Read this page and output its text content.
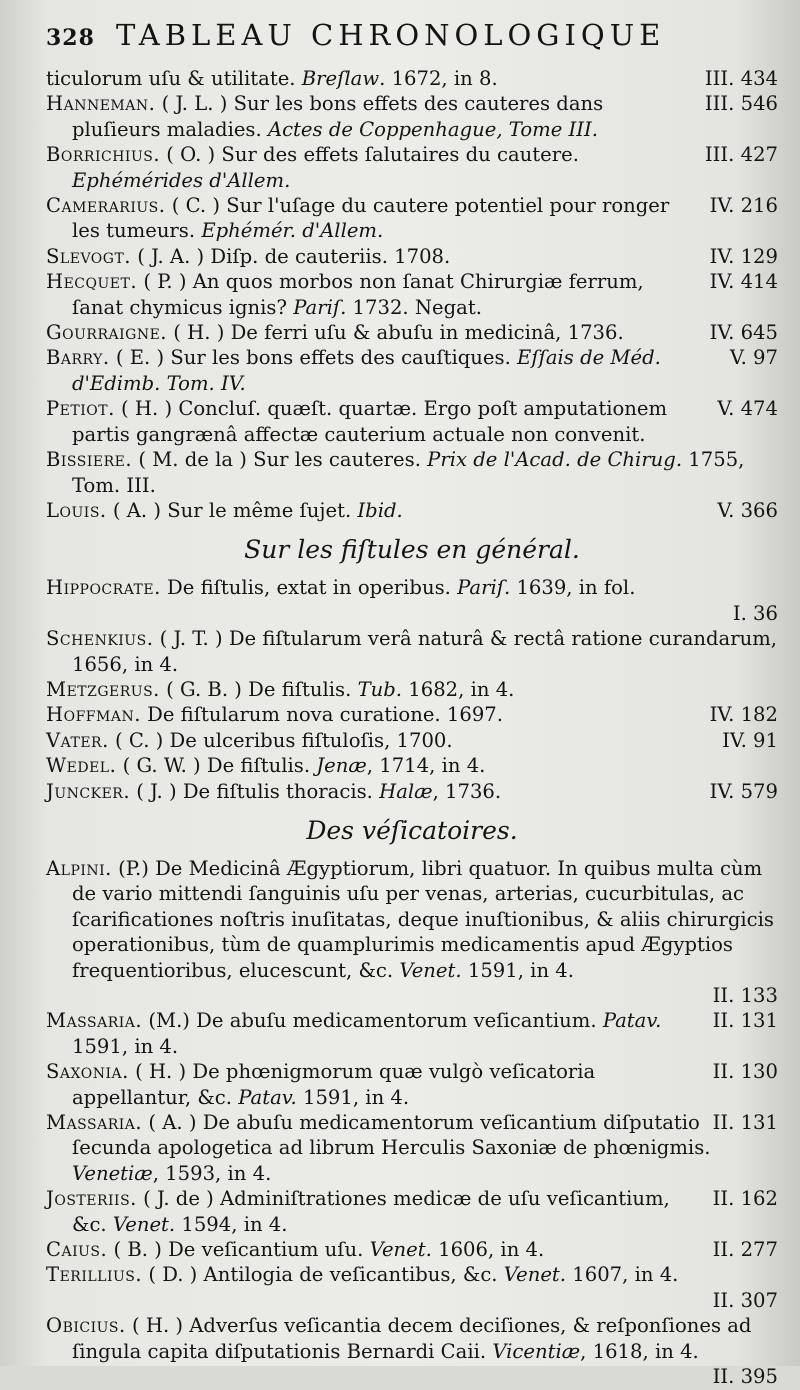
328 TABLEAU CHRONOLOGIQUE

III. 434
ticulorum uſu & utilitate. Breſlaw. 1672, in 8.

III. 546
Hanneman. ( J. L. ) Sur les bons effets des cauteres dans pluſieurs maladies. Actes de Coppenhague, Tome III.

III. 427
Borrichius. ( O. ) Sur des effets ſalutaires du cautere. Ephémérides d'Allem.

IV. 216
Camerarius. ( C. ) Sur l'uſage du cautere potentiel pour ronger les tumeurs. Ephémér. d'Allem.

IV. 129
Slevogt. ( J. A. ) Diſp. de cauteriis. 1708.

IV. 414
Hecquet. ( P. ) An quos morbos non ſanat Chirurgiæ ferrum, ſanat chymicus ignis? Pariſ. 1732. Negat.

IV. 645
Gourraigne. ( H. ) De ferri uſu & abuſu in medicinâ, 1736.

V. 97
Barry. ( E. ) Sur les bons effets des cauſtiques. Eſſais de Méd. d'Edimb. Tom. IV.

V. 474
Petiot. ( H. ) Concluſ. quæſt. quartæ. Ergo poſt amputationem partis gangrænâ affectæ cauterium actuale non convenit.

Bissiere. ( M. de la ) Sur les cauteres. Prix de l'Acad. de Chirug. 1755, Tom. III.

V. 366
Louis. ( A. ) Sur le même ſujet. Ibid.

Sur les fiſtules en général.

Hippocrate. De fiſtulis, extat in operibus. Pariſ. 1639, in fol.

I. 36

Schenkius. ( J. T. ) De fiſtularum verâ naturâ & rectâ ratione curandarum, 1656, in 4.

Metzgerus. ( G. B. ) De fiſtulis. Tub. 1682, in 4.

IV. 182
Hoffman. De fiſtularum nova curatione. 1697.

IV. 91
Vater. ( C. ) De ulceribus fiſtuloſis, 1700.

Wedel. ( G. W. ) De fiſtulis. Jenæ, 1714, in 4.

IV. 579
Juncker. ( J. ) De fiſtulis thoracis. Halæ, 1736.

Des véſicatoires.

Alpini. (P.) De Medicinâ Ægyptiorum, libri quatuor. In quibus multa cùm de vario mittendi ſanguinis uſu per venas, arterias, cucurbitulas, ac ſcarificationes noſtris inuſitatas, deque inuſtionibus, & aliis chirurgicis operationibus, tùm de quamplurimis medicamentis apud Ægyptios frequentioribus, elucescunt, &c. Venet. 1591, in 4.

II. 133

II. 131
Massaria. (M.) De abuſu medicamentorum veſicantium. Patav. 1591, in 4.

II. 130
Saxonia. ( H. ) De phœnigmorum quæ vulgò veſicatoria appellantur, &c. Patav. 1591, in 4.

II. 131
Massaria. ( A. ) De abuſu medicamentorum veſicantium diſputatio ſecunda apologetica ad librum Herculis Saxoniæ de phœnigmis. Venetiæ, 1593, in 4.

II. 162
Josteriis. ( J. de ) Adminiſtrationes medicæ de uſu veſicantium, &c. Venet. 1594, in 4.

II. 277
Caius. ( B. ) De veſicantium uſu. Venet. 1606, in 4.

Terillius. ( D. ) Antilogia de veſicantibus, &c. Venet. 1607, in 4.

II. 307

Obicius. ( H. ) Adverſus veſicantia decem deciſiones, & reſponſiones ad ſingula capita diſputationis Bernardi Caii. Vicentiæ, 1618, in 4.

II. 395
